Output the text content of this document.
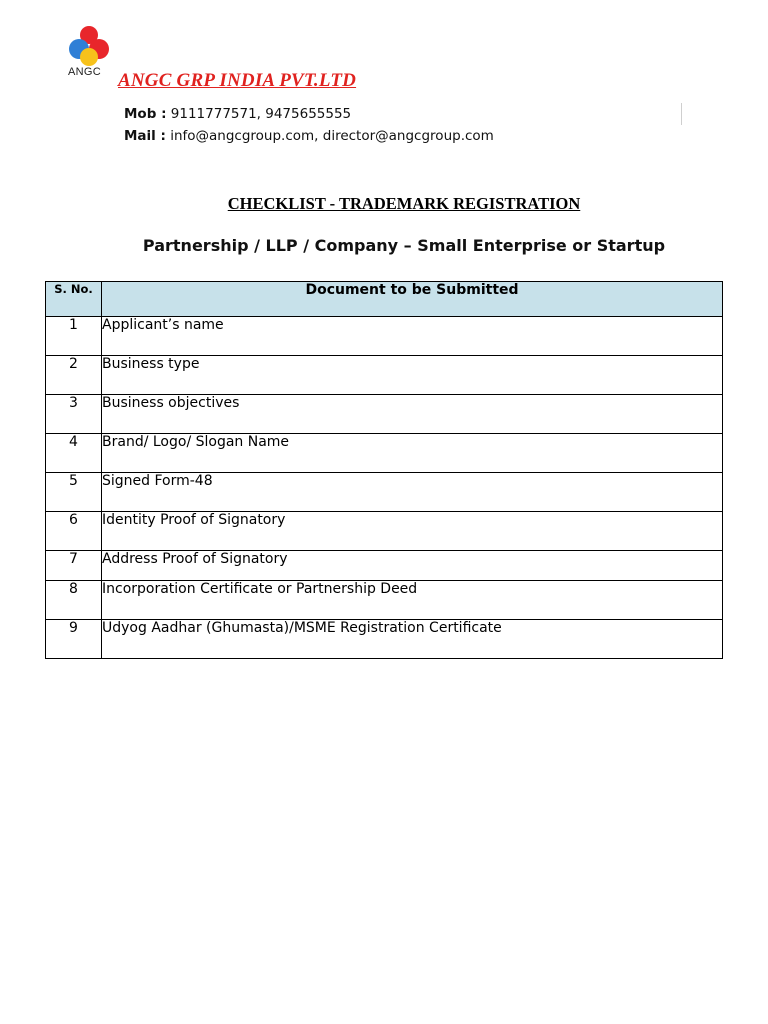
ANGC ANGC GRP INDIA PVT.LTD
Mob : 9111777571, 9475655555
Mail : info@angcgroup.com, director@angcgroup.com
CHECKLIST - TRADEMARK REGISTRATION
Partnership / LLP / Company – Small Enterprise or Startup
S. No.	Document to be Submitted
1	Applicant’s name
2	Business type
3	Business objectives
4	Brand/ Logo/ Slogan Name
5	Signed Form-48
6	Identity Proof of Signatory
7	Address Proof of Signatory
8	Incorporation Certificate or Partnership Deed
9	Udyog Aadhar (Ghumasta)/MSME Registration Certificate
